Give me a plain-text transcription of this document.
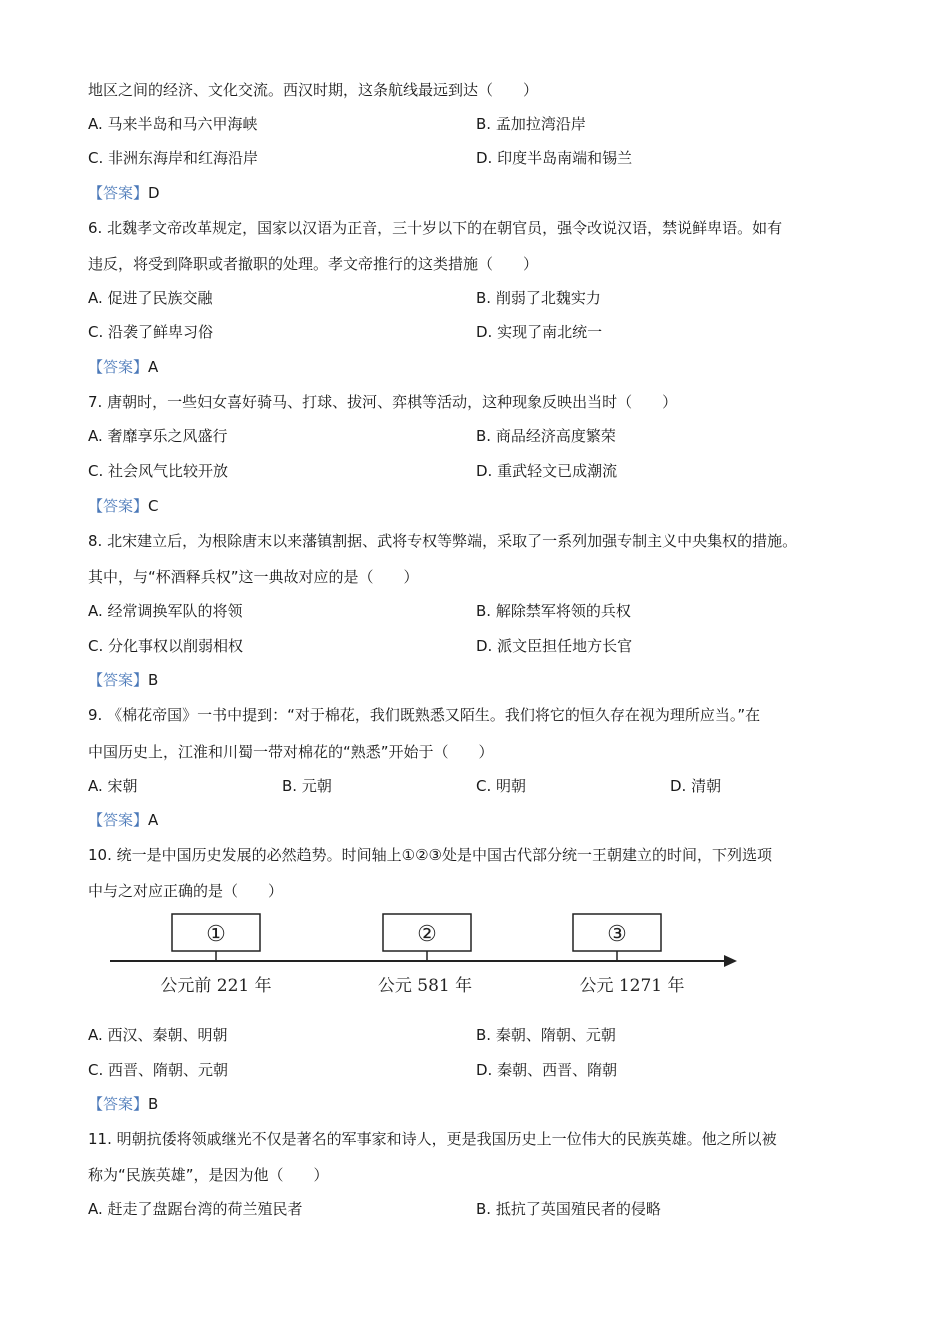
地区之间的经济、文化交流。西汉时期，这条航线最远到达（　　）
A. 马来半岛和马六甲海峡	B. 孟加拉湾沿岸
C. 非洲东海岸和红海沿岸	D. 印度半岛南端和锡兰
【答案】D
6. 北魏孝文帝改革规定，国家以汉语为正音，三十岁以下的在朝官员，强令改说汉语，禁说鲜卑语。如有
违反，将受到降职或者撤职的处理。孝文帝推行的这类措施（　　）
A. 促进了民族交融	B. 削弱了北魏实力
C. 沿袭了鲜卑习俗	D. 实现了南北统一
【答案】A
7. 唐朝时，一些妇女喜好骑马、打球、拔河、弈棋等活动，这种现象反映出当时（　　）
A. 奢靡享乐之风盛行	B. 商品经济高度繁荣
C. 社会风气比较开放	D. 重武轻文已成潮流
【答案】C
8. 北宋建立后，为根除唐末以来藩镇割据、武将专权等弊端，采取了一系列加强专制主义中央集权的措施。
其中，与“杯酒释兵权”这一典故对应的是（　　）
A. 经常调换军队的将领	B. 解除禁军将领的兵权
C. 分化事权以削弱相权	D. 派文臣担任地方长官
【答案】B
9. 《棉花帝国》一书中提到：“对于棉花，我们既熟悉又陌生。我们将它的恒久存在视为理所应当。”在
中国历史上，江淮和川蜀一带对棉花的“熟悉”开始于（　　）
A. 宋朝	B. 元朝	C. 明朝	D. 清朝
【答案】A
10. 统一是中国历史发展的必然趋势。时间轴上①②③处是中国古代部分统一王朝建立的时间，下列选项
中与之对应正确的是（　　）
①
公元前 221 年
②
公元 581 年
③
公元 1271 年
A. 西汉、秦朝、明朝	B. 秦朝、隋朝、元朝
C. 西晋、隋朝、元朝	D. 秦朝、西晋、隋朝
【答案】B
11. 明朝抗倭将领戚继光不仅是著名的军事家和诗人，更是我国历史上一位伟大的民族英雄。他之所以被
称为“民族英雄”，是因为他（　　）
A. 赶走了盘踞台湾的荷兰殖民者	B. 抵抗了英国殖民者的侵略
